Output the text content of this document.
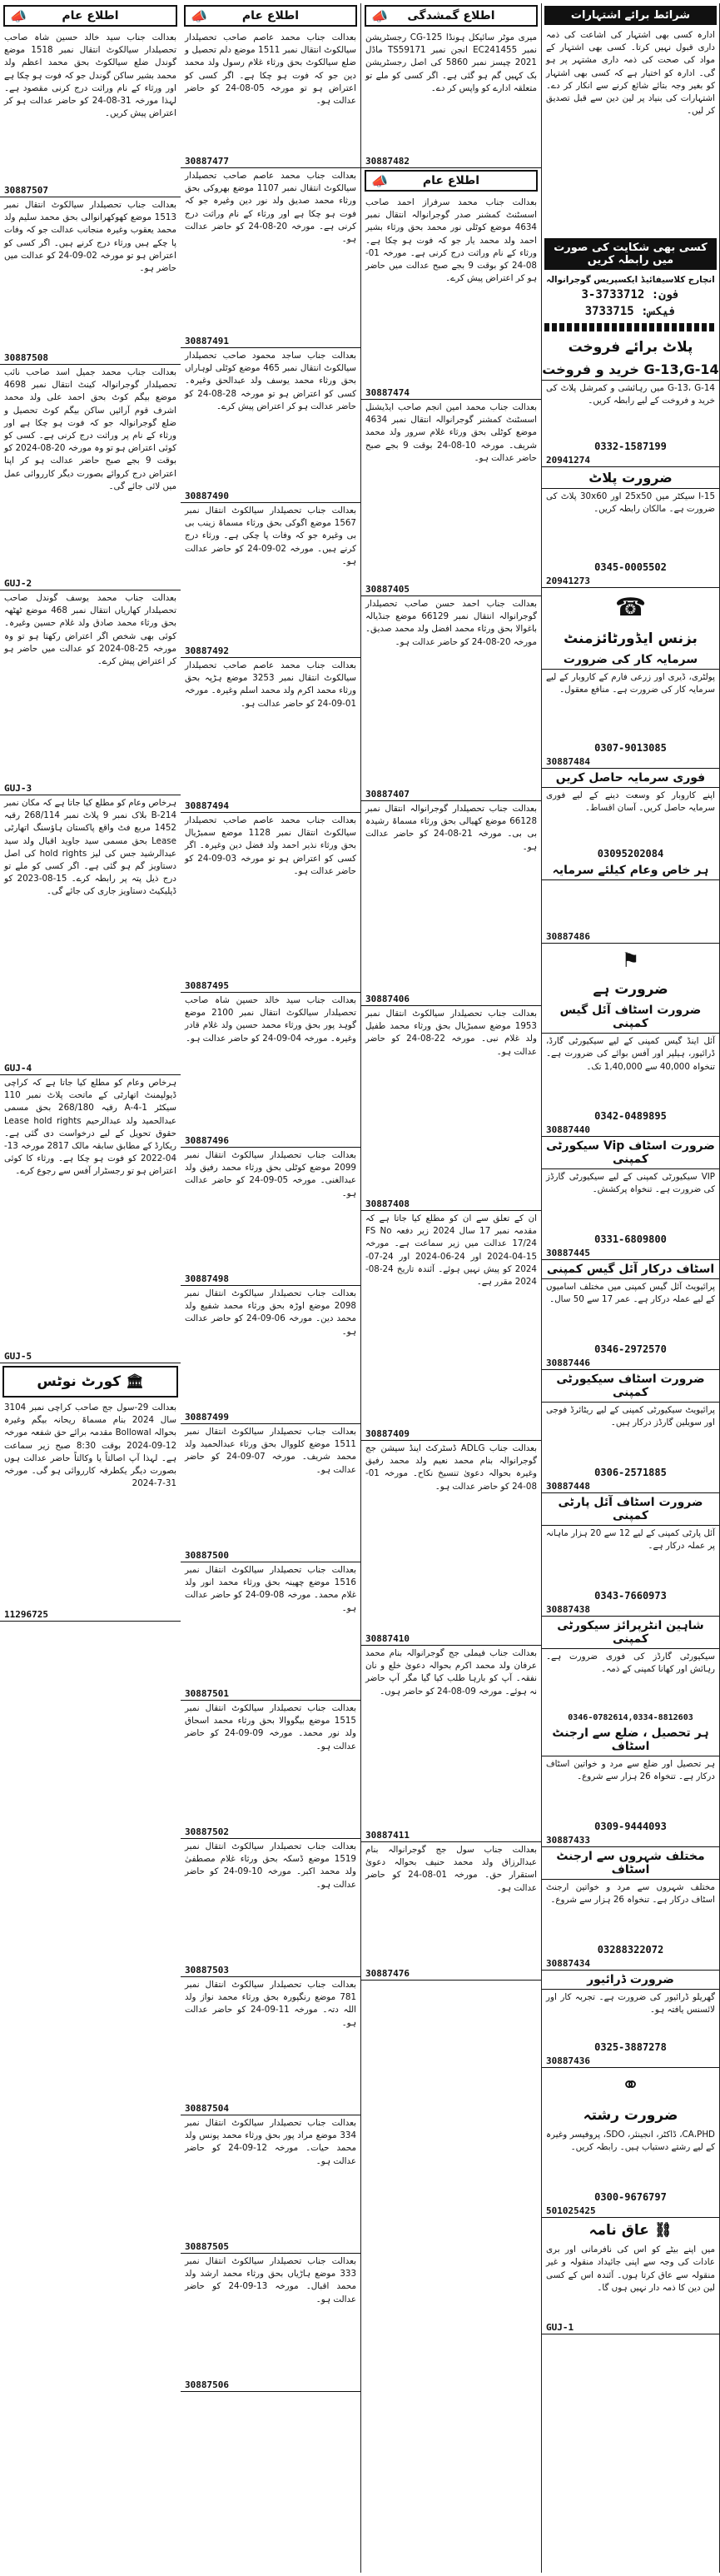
شرائط برائے اشتہارات
ادارہ کسی بھی اشتہار کی اشاعت کی ذمہ داری قبول نہیں کرتا۔ کسی بھی اشتہار کے مواد کی صحت کی ذمہ داری مشتہر پر ہو گی۔ ادارہ کو اختیار ہے کہ کسی بھی اشتہار کو بغیر وجہ بتائے شائع کرنے سے انکار کر دے۔ اشتہارات کی بنیاد پر لین دین سے قبل تصدیق کر لیں۔
کسی بھی شکایت کی صورت میں رابطہ کریں
انچارج کلاسیفائیڈ ایکسپریس گوجرانوالہ
فون: 3733712-3
فیکس: 3733715
پلاٹ برائے فروخت
G-13,G-14 خرید و فروخت
G-13، G-14 میں رہائشی و کمرشل پلاٹ کی خرید و فروخت کے لیے رابطہ کریں۔
0332-1587199
20941274
ضرورت پلاٹ
I-15 سیکٹر میں 25x50 اور 30x60 پلاٹ کی ضرورت ہے۔ مالکان رابطہ کریں۔
0345-0005502
20941273
☎
بزنس ایڈورٹائزمنٹ
سرمایہ کار کی ضرورت
پولٹری، ڈیری اور زرعی فارم کے کاروبار کے لیے سرمایہ کار کی ضرورت ہے۔ منافع معقول۔
0307-9013085
30887484
فوری سرمایہ حاصل کریں
اپنے کاروبار کو وسعت دینے کے لیے فوری سرمایہ حاصل کریں۔ آسان اقساط۔
03095202084
ہر خاص وعام کیلئے سرمایہ
30887486
⚑
ضرورت ہے
ضرورت اسٹاف آئل گیس کمپنی
آئل اینڈ گیس کمپنی کے لیے سیکیورٹی گارڈ، ڈرائیور، ہیلپر اور آفس بوائے کی ضرورت ہے۔ تنخواہ 40,000 سے 1,40,000 تک۔
0342-0489895
30887440
ضرورت اسٹاف Vip سیکورٹی کمپنی
VIP سیکیورٹی کمپنی کے لیے سیکیورٹی گارڈز کی ضرورت ہے۔ تنخواہ پرکشش۔
0331-6809800
30887445
اسٹاف درکار آئل گیس کمپنی
پرائیویٹ آئل گیس کمپنی میں مختلف اسامیوں کے لیے عملہ درکار ہے۔ عمر 17 سے 50 سال۔
0346-2972570
30887446
ضرورت اسٹاف سیکیورٹی کمپنی
پرائیویٹ سیکیورٹی کمپنی کے لیے ریٹائرڈ فوجی اور سویلین گارڈز درکار ہیں۔
0306-2571885
30887448
ضرورت اسٹاف آئل پارٹی کمپنی
آئل پارٹی کمپنی کے لیے 12 سے 20 ہزار ماہانہ پر عملہ درکار ہے۔
0343-7660973
30887438
شاہین انٹرپرائز سیکورٹی کمپنی
سیکیورٹی گارڈز کی فوری ضرورت ہے۔ رہائش اور کھانا کمپنی کے ذمہ۔
0346-0782614,0334-8812603
ہر تحصیل ، ضلع سے ارجنٹ اسٹاف
ہر تحصیل اور ضلع سے مرد و خواتین اسٹاف درکار ہے۔ تنخواہ 26 ہزار سے شروع۔
0309-9444093
30887433
مختلف شہروں سے ارجنٹ اسٹاف
مختلف شہروں سے مرد و خواتین ارجنٹ اسٹاف درکار ہے۔ تنخواہ 26 ہزار سے شروع۔
03288322072
30887434
ضرورت ڈرائیور
گھریلو ڈرائیور کی ضرورت ہے۔ تجربہ کار اور لائسنس یافتہ ہو۔
0325-3887278
30887436
⚭
ضرورت رشتہ
CA،PHD، ڈاکٹر، انجینئر، SDO، پروفیسر وغیرہ کے لیے رشتے دستیاب ہیں۔ رابطہ کریں۔
0300-9676797
501025425
⛓ عاق نامہ
میں اپنے بیٹے کو اس کی نافرمانی اور بری عادات کی وجہ سے اپنی جائیداد منقولہ و غیر منقولہ سے عاق کرتا ہوں۔ آئندہ اس کے کسی لین دین کا ذمہ دار نہیں ہوں گا۔
GUJ-1
📣 اطلاع گمشدگی
میری موٹر سائیکل ہونڈا CG-125 رجسٹریشن نمبر EC241455 انجن نمبر TS59171 ماڈل 2021 چیسز نمبر 5860 کی اصل رجسٹریشن بک کہیں گم ہو گئی ہے۔ اگر کسی کو ملے تو متعلقہ ادارے کو واپس کر دے۔
30887482
📣	اطلاع عام
بعدالت جناب محمد سرفراز احمد صاحب اسسٹنٹ کمشنر صدر گوجرانوالہ انتقال نمبر 4634 موضع کوٹلی نور محمد بحق ورثاء بشیر احمد ولد محمد یار جو کہ فوت ہو چکا ہے۔ ورثاء کے نام وراثت درج کرنی ہے۔ مورخہ 01-08-24 کو بوقت 9 بجے صبح عدالت میں حاضر ہو کر اعتراض پیش کرے۔
30887474
بعدالت جناب محمد امین انجم صاحب ایڈیشنل اسسٹنٹ کمشنر گوجرانوالہ انتقال نمبر 4634 موضع کوٹلی بحق ورثاء غلام سرور ولد محمد شریف۔ مورخہ 10-08-24 بوقت 9 بجے صبح حاضر عدالت ہو۔
30887405
بعدالت جناب احمد حسن صاحب تحصیلدار گوجرانوالہ انتقال نمبر 66129 موضع جنڈیالہ باغوالا بحق ورثاء محمد افضل ولد محمد صدیق۔ مورخہ 20-08-24 کو حاضر عدالت ہو۔
30887407
بعدالت جناب تحصیلدار گوجرانوالہ انتقال نمبر 66128 موضع کھیالی بحق ورثاء مسماۃ رشیدہ بی بی۔ مورخہ 21-08-24 کو حاضر عدالت ہو۔
30887406
بعدالت جناب تحصیلدار سیالکوٹ انتقال نمبر 1953 موضع سمبڑیال بحق ورثاء محمد طفیل ولد غلام نبی۔ مورخہ 22-08-24 کو حاضر عدالت ہو۔
30887408
ان کے تعلق سے ان کو مطلع کیا جاتا ہے کہ مقدمہ نمبر 17 سال 2024 زیر دفعہ FS No 17/24 عدالت میں زیر سماعت ہے۔ مورخہ 15-04-2024 اور 24-06-2024 اور 24-07-2024 کو پیش نہیں ہوئے۔ آئندہ تاریخ 24-08-2024 مقرر ہے۔
30887409
بعدالت جناب ADLG ڈسٹرکٹ اینڈ سیشن جج گوجرانوالہ بنام محمد نعیم ولد محمد رفیق وغیرہ بحوالہ دعویٰ تنسیخ نکاح۔ مورخہ 01-08-24 کو حاضر عدالت ہو۔
30887410
بعدالت جناب فیملی جج گوجرانوالہ بنام محمد عرفان ولد محمد اکرم بحوالہ دعویٰ خلع و نان نفقہ۔ آپ کو بارہا طلب کیا گیا مگر آپ حاضر نہ ہوئے۔ مورخہ 09-08-24 کو حاضر ہوں۔
30887411
بعدالت جناب سول جج گوجرانوالہ بنام عبدالرزاق ولد محمد حنیف بحوالہ دعویٰ استقرار حق۔ مورخہ 01-08-24 کو حاضر عدالت ہو۔
30887476
📣	اطلاع عام
بعدالت جناب محمد عاصم صاحب تحصیلدار سیالکوٹ انتقال نمبر 1511 موضع دلم تحصیل و ضلع سیالکوٹ بحق ورثاء غلام رسول ولد محمد دین جو کہ فوت ہو چکا ہے۔ اگر کسی کو اعتراض ہو تو مورخہ 05-08-24 کو حاضر عدالت ہو۔
30887477
بعدالت جناب محمد عاصم صاحب تحصیلدار سیالکوٹ انتقال نمبر 1107 موضع بھروکی بحق ورثاء محمد صدیق ولد نور دین وغیرہ جو کہ فوت ہو چکا ہے اور ورثاء کے نام وراثت درج کرنی ہے۔ مورخہ 20-08-24 کو حاضر عدالت ہو۔
30887491
بعدالت جناب ساجد محمود صاحب تحصیلدار سیالکوٹ انتقال نمبر 465 موضع کوٹلی لوہاراں بحق ورثاء محمد یوسف ولد عبدالحق وغیرہ۔ کسی کو اعتراض ہو تو مورخہ 28-08-24 کو حاضر عدالت ہو کر اعتراض پیش کرے۔
30887490
بعدالت جناب تحصیلدار سیالکوٹ انتقال نمبر 1567 موضع اگوکی بحق ورثاء مسماۃ زینب بی بی وغیرہ جو کہ وفات پا چکی ہے۔ ورثاء درج کرنے ہیں۔ مورخہ 02-09-24 کو حاضر عدالت ہو۔
30887492
بعدالت جناب محمد عاصم صاحب تحصیلدار سیالکوٹ انتقال نمبر 3253 موضع ہڑپہ بحق ورثاء محمد اکرم ولد محمد اسلم وغیرہ۔ مورخہ 01-09-24 کو حاضر عدالت ہو۔
30887494
بعدالت جناب محمد عاصم صاحب تحصیلدار سیالکوٹ انتقال نمبر 1128 موضع سمبڑیال بحق ورثاء نذیر احمد ولد فضل دین وغیرہ۔ اگر کسی کو اعتراض ہو تو مورخہ 03-09-24 کو حاضر عدالت ہو۔
30887495
بعدالت جناب سید خالد حسین شاہ صاحب تحصیلدار سیالکوٹ انتقال نمبر 2100 موضع گوہد پور بحق ورثاء محمد حسین ولد غلام قادر وغیرہ۔ مورخہ 04-09-24 کو حاضر عدالت ہو۔
30887496
بعدالت جناب تحصیلدار سیالکوٹ انتقال نمبر 2099 موضع کوٹلی بحق ورثاء محمد رفیق ولد عبدالغنی۔ مورخہ 05-09-24 کو حاضر عدالت ہو۔
30887498
بعدالت جناب تحصیلدار سیالکوٹ انتقال نمبر 2098 موضع اوڑہ بحق ورثاء محمد شفیع ولد محمد دین۔ مورخہ 06-09-24 کو حاضر عدالت ہو۔
30887499
بعدالت جناب تحصیلدار سیالکوٹ انتقال نمبر 1511 موضع کلووال بحق ورثاء عبدالحمید ولد محمد شریف۔ مورخہ 07-09-24 کو حاضر عدالت ہو۔
30887500
بعدالت جناب تحصیلدار سیالکوٹ انتقال نمبر 1516 موضع چھینہ بحق ورثاء محمد انور ولد غلام محمد۔ مورخہ 08-09-24 کو حاضر عدالت ہو۔
30887501
بعدالت جناب تحصیلدار سیالکوٹ انتقال نمبر 1515 موضع بیگووالا بحق ورثاء محمد اسحاق ولد نور محمد۔ مورخہ 09-09-24 کو حاضر عدالت ہو۔
30887502
بعدالت جناب تحصیلدار سیالکوٹ انتقال نمبر 1519 موضع ڈسکہ بحق ورثاء غلام مصطفیٰ ولد محمد اکبر۔ مورخہ 10-09-24 کو حاضر عدالت ہو۔
30887503
بعدالت جناب تحصیلدار سیالکوٹ انتقال نمبر 781 موضع رنگپورہ بحق ورثاء محمد نواز ولد اللہ دتہ۔ مورخہ 11-09-24 کو حاضر عدالت ہو۔
30887504
بعدالت جناب تحصیلدار سیالکوٹ انتقال نمبر 334 موضع مراد پور بحق ورثاء محمد یونس ولد محمد حیات۔ مورخہ 12-09-24 کو حاضر عدالت ہو۔
30887505
بعدالت جناب تحصیلدار سیالکوٹ انتقال نمبر 333 موضع ہاڑیاں بحق ورثاء محمد ارشد ولد محمد اقبال۔ مورخہ 13-09-24 کو حاضر عدالت ہو۔
30887506
📣	اطلاع عام
بعدالت جناب سید خالد حسین شاہ صاحب تحصیلدار سیالکوٹ انتقال نمبر 1518 موضع گوندل ضلع سیالکوٹ بحق محمد اعظم ولد محمد بشیر ساکن گوندل جو کہ فوت ہو چکا ہے اور ورثاء کے نام وراثت درج کرنی مقصود ہے۔ لہذا مورخہ 31-08-24 کو حاضر عدالت ہو کر اعتراض پیش کریں۔
30887507
بعدالت جناب تحصیلدار سیالکوٹ انتقال نمبر 1513 موضع کھوکھرانوالی بحق محمد سلیم ولد محمد یعقوب وغیرہ منجانب عدالت جو کہ وفات پا چکے ہیں ورثاء درج کرنے ہیں۔ اگر کسی کو اعتراض ہو تو مورخہ 02-09-24 کو عدالت میں حاضر ہو۔
30887508
بعدالت جناب محمد جمیل اسد صاحب نائب تحصیلدار گوجرانوالہ کینٹ انتقال نمبر 4698 موضع بیگم کوٹ بحق احمد علی ولد محمد اشرف قوم آرائیں ساکن بیگم کوٹ تحصیل و ضلع گوجرانوالہ جو کہ فوت ہو چکا ہے اور ورثاء کے نام پر وراثت درج کرنی ہے۔ کسی کو کوئی اعتراض ہو تو وہ مورخہ 20-08-2024 کو بوقت 9 بجے صبح حاضر عدالت ہو کر اپنا اعتراض درج کروائے بصورت دیگر کارروائی عمل میں لائی جائے گی۔
GUJ-2
بعدالت جناب محمد یوسف گوندل صاحب تحصیلدار کھاریاں انتقال نمبر 468 موضع ٹھٹھہ بحق ورثاء محمد صادق ولد غلام حسین وغیرہ۔ کوئی بھی شخص اگر اعتراض رکھتا ہو تو وہ مورخہ 25-08-2024 کو عدالت میں حاضر ہو کر اعتراض پیش کرے۔
GUJ-3
ہرخاص وعام کو مطلع کیا جاتا ہے کہ مکان نمبر B-214 بلاک نمبر 9 پلاٹ نمبر 268/114 رقبہ 1452 مربع فٹ واقع پاکستان ہاؤسنگ اتھارٹی Lease بحق مسمی سید جاوید اقبال ولد سید عبدالرشید جس کی لیز hold rights کی اصل دستاویز گم ہو گئی ہے۔ اگر کسی کو ملے تو درج ذیل پتہ پر رابطہ کرے۔ 15-08-2023 کو ڈپلیکیٹ دستاویز جاری کی جائے گی۔
GUJ-4
ہرخاص وعام کو مطلع کیا جاتا ہے کہ کراچی ڈیولپمنٹ اتھارٹی کے ماتحت پلاٹ نمبر 110 سیکٹر A-4-1 رقبہ 268/180 بحق مسمی عبدالحمید ولد عبدالرحیم Lease hold rights حقوق تحویل کے لیے درخواست دی گئی ہے۔ ریکارڈ کے مطابق سابقہ مالک 2817 مورخہ 13-04-2022 کو فوت ہو چکا ہے۔ ورثاء کا کوئی اعتراض ہو تو رجسٹرار آفس سے رجوع کرے۔
GUJ-5
🏛 کورٹ نوٹس
بعدالت 29-سول جج صاحب کراچی نمبر 3104 سال 2024 بنام مسماۃ ریحانہ بیگم وغیرہ بحوالہ Bollowal مقدمہ برائے حق شفعہ مورخہ 12-09-2024 بوقت 8:30 صبح زیر سماعت ہے۔ لہذا آپ اصالتاً یا وکالتاً حاضر عدالت ہوں بصورت دیگر یکطرفہ کارروائی ہو گی۔ مورخہ 31-7-2024
11296725
